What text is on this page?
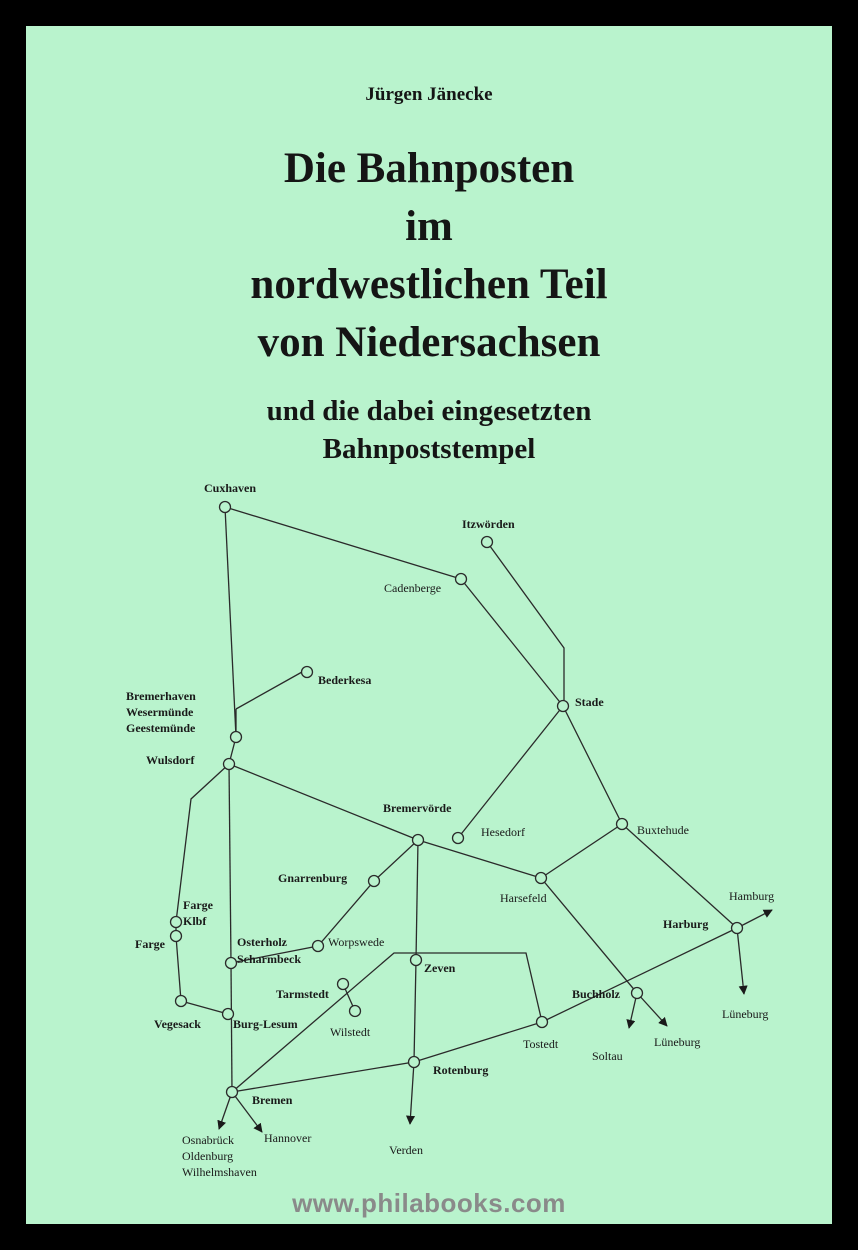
Jürgen Jänecke
Die Bahnposten
im
nordwestlichen Teil
von Niedersachsen
und die dabei eingesetzten
Bahnpoststempel
Cuxhaven
Itzwörden
Cadenberge
Bederkesa
Bremerhaven
Wesermünde
Geestemünde
Stade
Wulsdorf
Bremervörde
Hesedorf	Buxtehude
Gnarrenburg
Harsefeld	Hamburg
Farge
Klbf	Harburg
Farge	Osterholz
Scharmbeck
Worpswede
Zeven
Tarmstedt	Buchholz
Lüneburg
Wilstedt
Vegesack	Burg-Lesum
Tostedt	Lüneburg
Soltau
Rotenburg
Bremen
Osnabrück	Hannover
Oldenburg
Wilhelmshaven
Verden
www.philabooks.com
